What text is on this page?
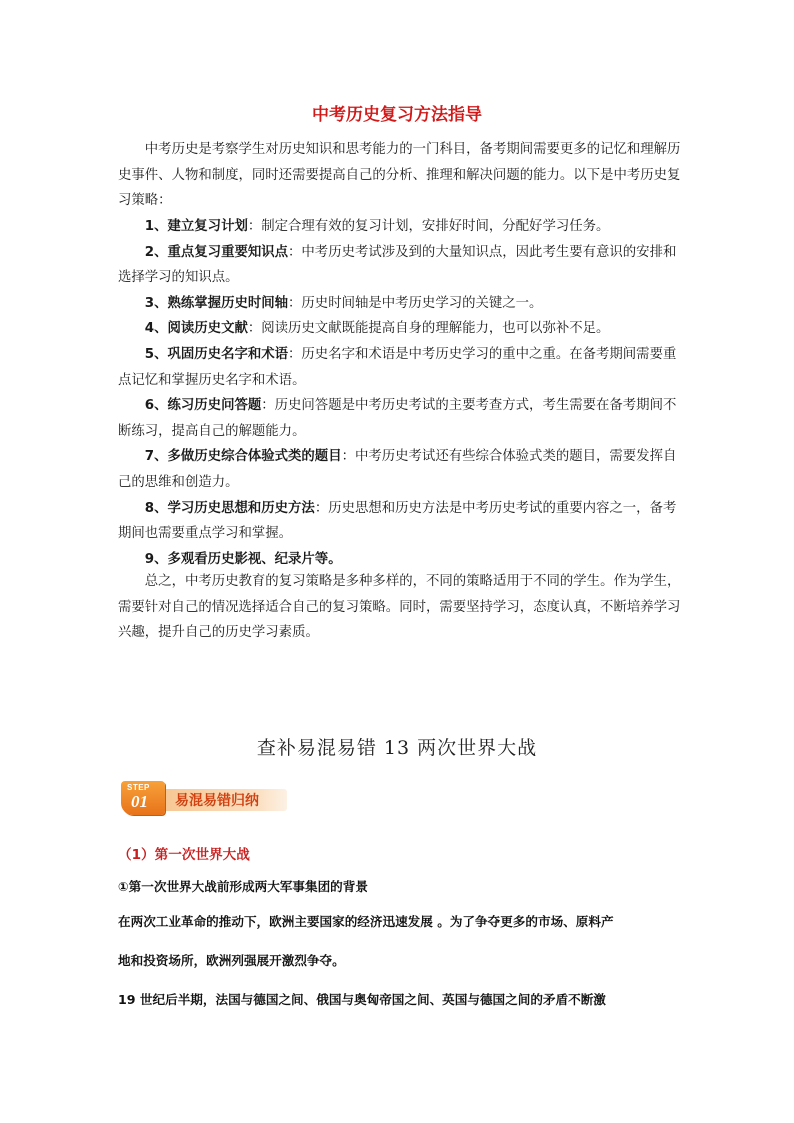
中考历史复习方法指导

中考历史是考察学生对历史知识和思考能力的一门科目，备考期间需要更多的记忆和理解历史事件、人物和制度，同时还需要提高自己的分析、推理和解决问题的能力。以下是中考历史复习策略：

1、建立复习计划：制定合理有效的复习计划，安排好时间，分配好学习任务。

2、重点复习重要知识点：中考历史考试涉及到的大量知识点，因此考生要有意识的安排和选择学习的知识点。

3、熟练掌握历史时间轴：历史时间轴是中考历史学习的关键之一。

4、阅读历史文献：阅读历史文献既能提高自身的理解能力，也可以弥补不足。

5、巩固历史名字和术语：历史名字和术语是中考历史学习的重中之重。在备考期间需要重点记忆和掌握历史名字和术语。

6、练习历史问答题：历史问答题是中考历史考试的主要考查方式，考生需要在备考期间不断练习，提高自己的解题能力。

7、多做历史综合体验式类的题目：中考历史考试还有些综合体验式类的题目，需要发挥自己的思维和创造力。

8、学习历史思想和历史方法：历史思想和历史方法是中考历史考试的重要内容之一，备考期间也需要重点学习和掌握。

9、多观看历史影视、纪录片等。

总之，中考历史教育的复习策略是多种多样的，不同的策略适用于不同的学生。作为学生，需要针对自己的情况选择适合自己的复习策略。同时，需要坚持学习，态度认真，不断培养学习兴趣，提升自己的历史学习素质。

查补易混易错 13 两次世界大战
STEP
01 易混易错归纳
（1）第一次世界大战
①第一次世界大战前形成两大军事集团的背景
在两次工业革命的推动下，欧洲主要国家的经济迅速发展 。为了争夺更多的市场、原料产
地和投资场所，欧洲列强展开激烈争夺。
19 世纪后半期，法国与德国之间、俄国与奥匈帝国之间、英国与德国之间的矛盾不断激
